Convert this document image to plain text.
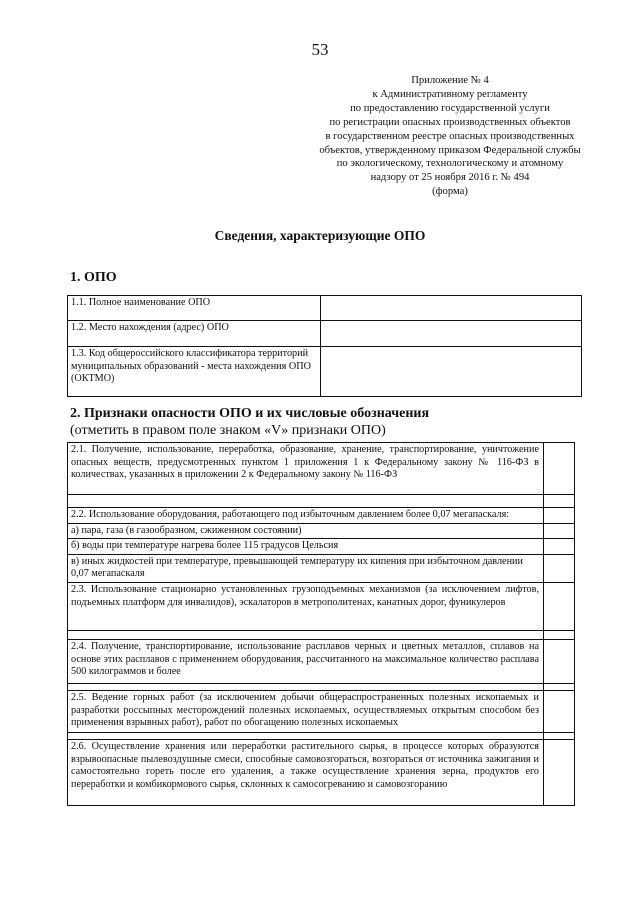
53
Приложение № 4
к Административному регламенту
по предоставлению государственной услуги
по регистрации опасных производственных объектов
в государственном реестре опасных производственных
объектов, утвержденному приказом Федеральной службы
по экологическому, технологическому и атомному
надзору от 25 ноября 2016 г. № 494
(форма)
Сведения, характеризующие ОПО
1. ОПО
1.1. Полное наименование ОПО	
1.2. Место нахождения (адрес) ОПО	
1.3. Код общероссийского классификатора территорий муниципальных образований - места нахождения ОПО (ОКТМО)	
2. Признаки опасности ОПО и их числовые обозначения
(отметить в правом поле знаком «V» признаки ОПО)
2.1. Получение, использование, переработка, образование, хранение, транспортирование, уничтожение опасных веществ, предусмотренных пунктом 1 приложения 1 к Федеральному закону № 116-ФЗ в количествах, указанных в приложении 2 к Федеральному закону № 116-ФЗ	

2.2. Использование оборудования, работающего под избыточным давлением более 0,07 мегапаскаля:	
а) пара, газа (в газообразном, сжиженном состоянии)	
б) воды при температуре нагрева более 115 градусов Цельсия	
в) иных жидкостей при температуре, превышающей температуру их кипения при избыточном давлении 0,07 мегапаскаля	
2.3. Использование стационарно установленных грузоподъемных механизмов (за исключением лифтов, подъемных платформ для инвалидов), эскалаторов в метрополитенах, канатных дорог, фуникулеров	

2.4. Получение, транспортирование, использование расплавов черных и цветных металлов, сплавов на основе этих расплавов с применением оборудования, рассчитанного на максимальное количество расплава 500 килограммов и более	

2.5. Ведение горных работ (за исключением добычи общераспространенных полезных ископаемых и разработки россыпных месторождений полезных ископаемых, осуществляемых открытым способом без применения взрывных работ), работ по обогащению полезных ископаемых	

2.6. Осуществление хранения или переработки растительного сырья, в процессе которых образуются взрывоопасные пылевоздушные смеси, способные самовозгораться, возгораться от источника зажигания и самостоятельно гореть после его удаления, а также осуществление хранения зерна, продуктов его переработки и комбикормового сырья, склонных к самосогреванию и самовозгоранию	
